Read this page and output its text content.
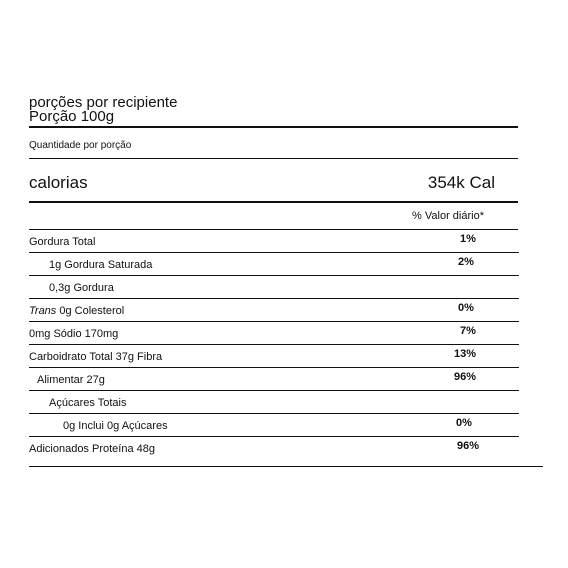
porções por recipiente
Porção 100g
Quantidade por porção
calorias	354k Cal
% Valor diário*
Gordura Total	1%
1g Gordura Saturada	2%
0,3g Gordura
Trans 0g Colesterol	0%
0mg Sódio 170mg	7%
Carboidrato Total 37g Fibra	13%
Alimentar 27g	96%
Açúcares Totais
0g Inclui 0g Açúcares	0%
Adicionados Proteína 48g	96%
